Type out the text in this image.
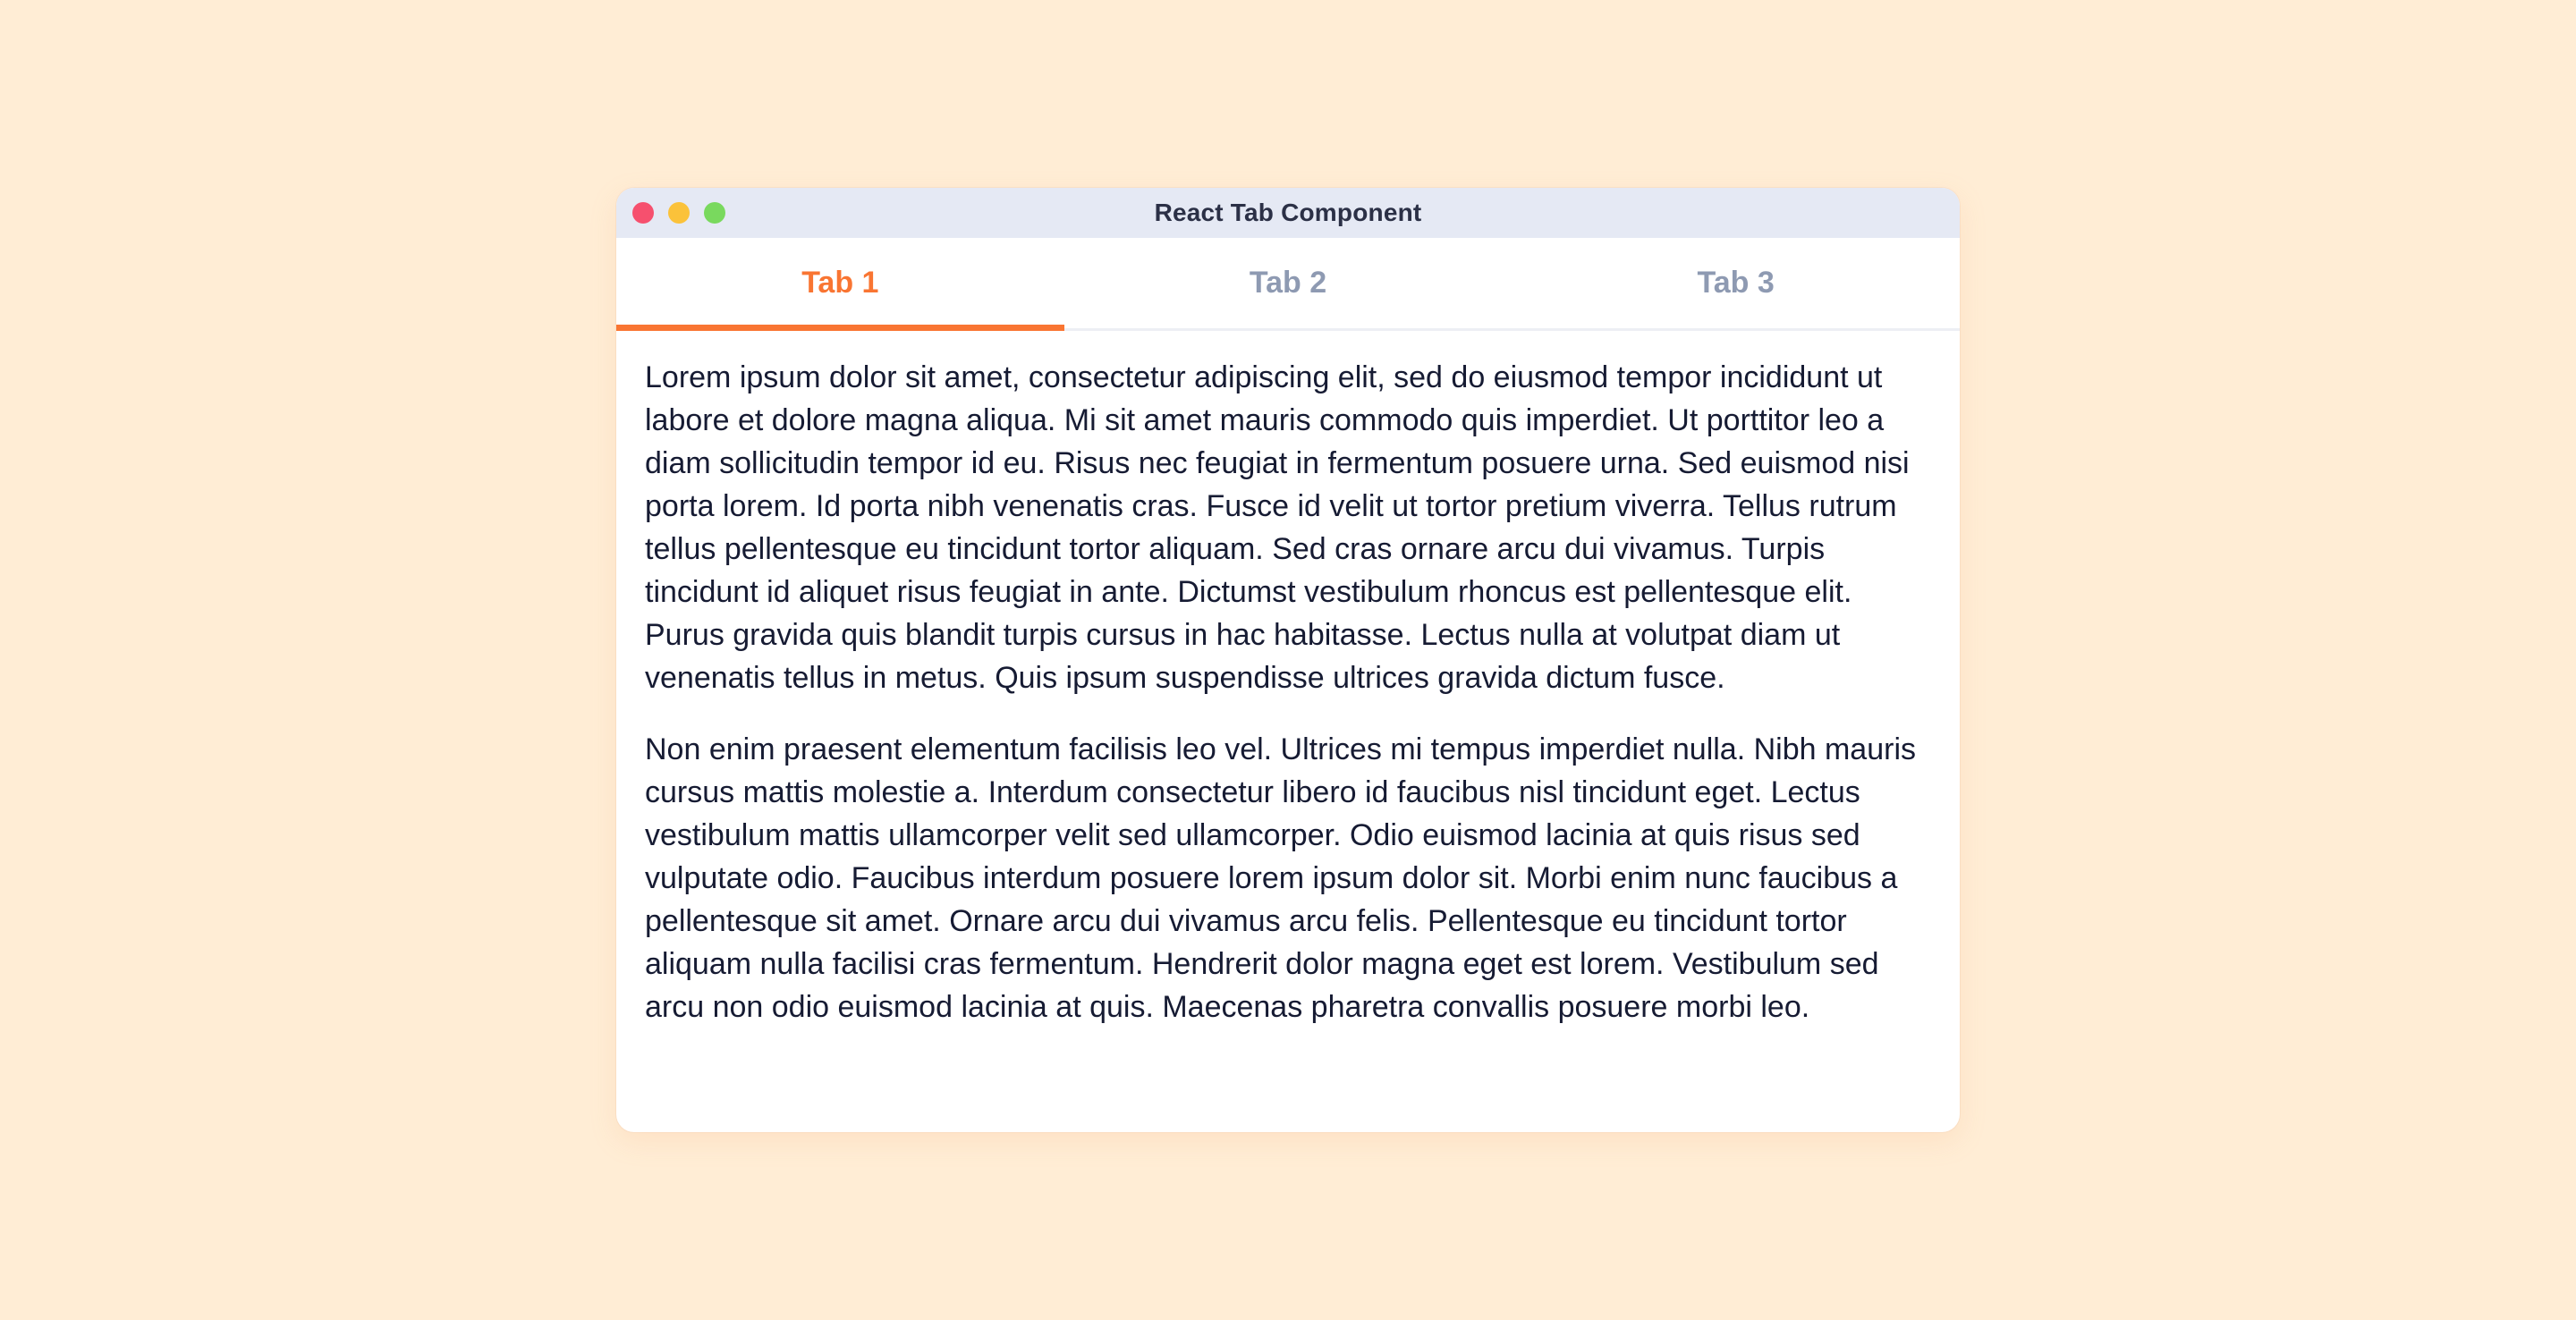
React Tab Component
Tab 1	Tab 2	Tab 3

Lorem ipsum dolor sit amet, consectetur adipiscing elit, sed do eiusmod tempor incididunt ut labore et dolore magna aliqua. Mi sit amet mauris commodo quis imperdiet. Ut porttitor leo a diam sollicitudin tempor id eu. Risus nec feugiat in fermentum posuere urna. Sed euismod nisi porta lorem. Id porta nibh venenatis cras. Fusce id velit ut tortor pretium viverra. Tellus rutrum tellus pellentesque eu tincidunt tortor aliquam. Sed cras ornare arcu dui vivamus. Turpis tincidunt id aliquet risus feugiat in ante. Dictumst vestibulum rhoncus est pellentesque elit. Purus gravida quis blandit turpis cursus in hac habitasse. Lectus nulla at volutpat diam ut venenatis tellus in metus. Quis ipsum suspendisse ultrices gravida dictum fusce.

Non enim praesent elementum facilisis leo vel. Ultrices mi tempus imperdiet nulla. Nibh mauris cursus mattis molestie a. Interdum consectetur libero id faucibus nisl tincidunt eget. Lectus vestibulum mattis ullamcorper velit sed ullamcorper. Odio euismod lacinia at quis risus sed vulputate odio. Faucibus interdum posuere lorem ipsum dolor sit. Morbi enim nunc faucibus a pellentesque sit amet. Ornare arcu dui vivamus arcu felis. Pellentesque eu tincidunt tortor aliquam nulla facilisi cras fermentum. Hendrerit dolor magna eget est lorem. Vestibulum sed arcu non odio euismod lacinia at quis. Maecenas pharetra convallis posuere morbi leo.
